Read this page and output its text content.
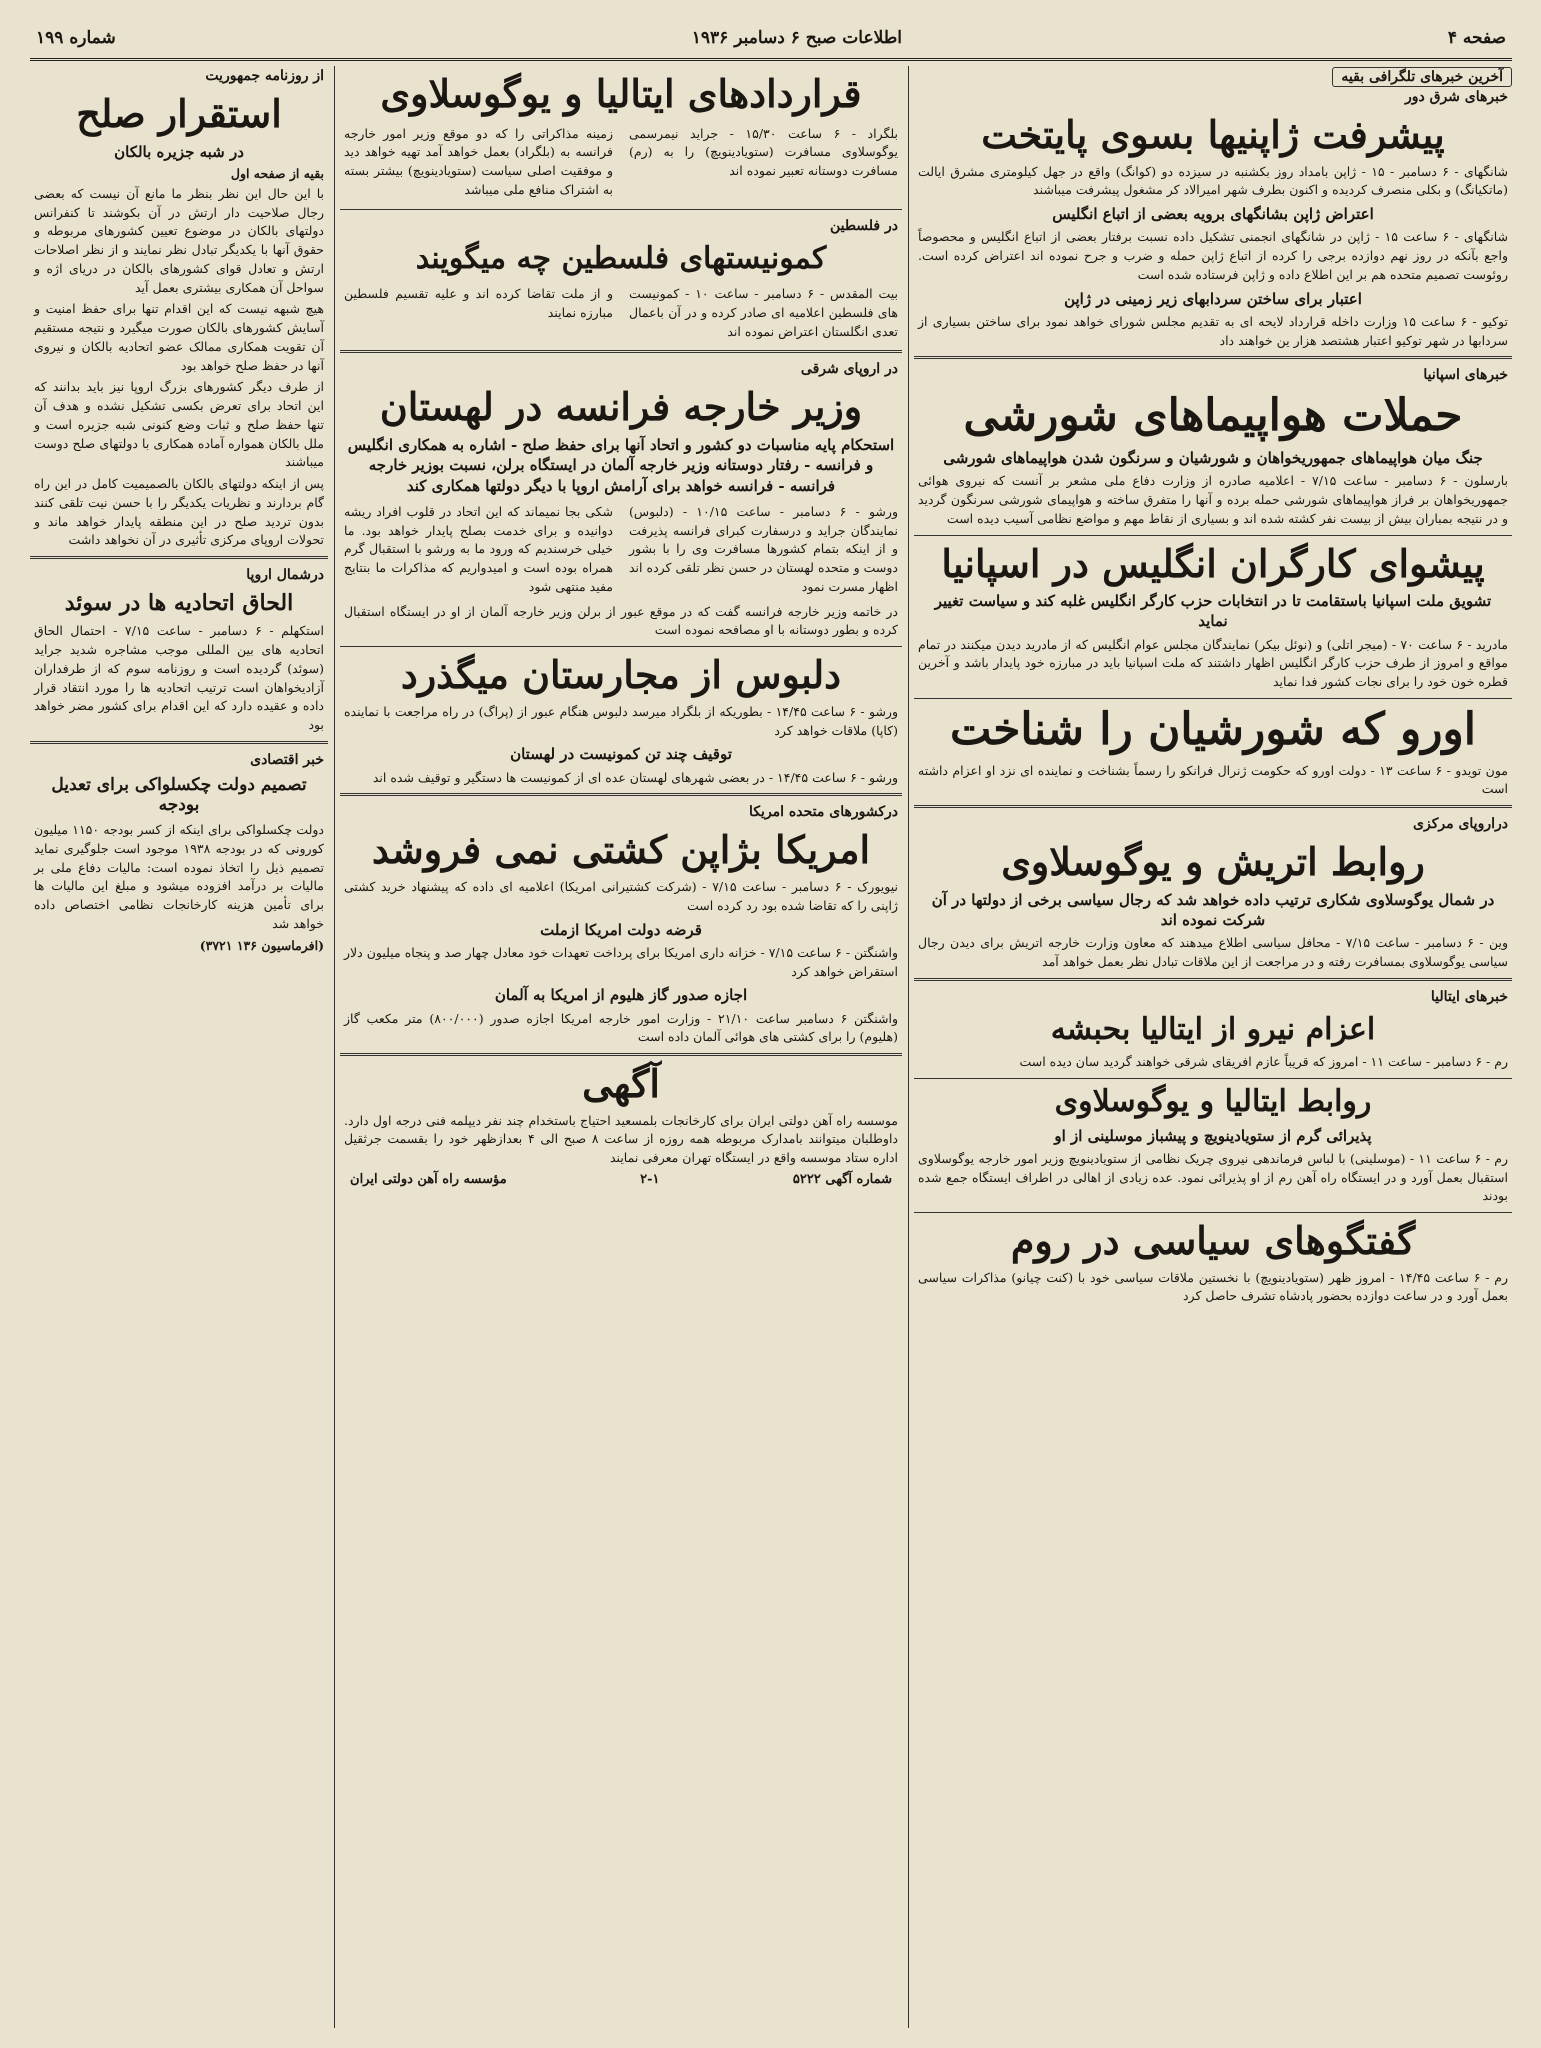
صفحه ۴
اطلاعات صبح ۶ دسامبر ۱۹۳۶
شماره ۱۹۹
آخرین خبرهای تلگرافی بقیه
خبرهای شرق دور
پیشرفت ژاپنیها بسوی پایتخت
شانگهای - ۶ دسامبر - ۱۵ - ژاپن بامداد روز بکشنبه در سیزده دو (کوانگ) واقع در جهل کیلومتری مشرق ایالت (ماتکیانگ) و بکلی منصرف کردیده و اکنون بطرف شهر امیرالاد کر مشغول پیشرفت میباشند
اعتراض ژاپن بشانگهای برویه بعضی از اتباع انگلیس
شانگهای - ۶ ساعت ۱۵ - ژاپن در شانگهای انجمنی تشکیل داده نسبت برفتار بعضی از اتباع انگلیس و محصوصاً واجع بآنکه در روز نهم دوازده برجی را کرده از اتباع ژاپن حمله و ضرب و جرح نموده اند اعتراض کرده است. روئوست تصمیم متحده هم بر این اطلاع داده و ژاپن فرستاده شده است
اعتبار برای ساختن سردابهای زیر زمینی در ژاپن
توکیو - ۶ ساعت ۱۵ وزارت داخله قرارداد لایحه ای به تقدیم مجلس شورای خواهد نمود برای ساختن بسیاری از سردابها در شهر توکیو اعتبار هشتصد هزار ین خواهند داد
خبرهای اسپانیا
حملات هواپیماهای شورشی
جنگ میان هواپیماهای جمهوریخواهان و شورشیان و سرنگون شدن هواپیماهای شورشی
بارسلون - ۶ دسامبر - ساعت ۷/۱۵ - اعلامیه صادره از وزارت دفاع ملی مشعر بر آنست که نیروی هوائی جمهوریخواهان بر فراز هواپیماهای شورشی حمله برده و آنها را متفرق ساخته و هواپیمای شورشی سرنگون گردید و در نتیجه بمباران بیش از بیست نفر کشته شده اند و بسیاری از نقاط مهم و مواضع نظامی آسیب دیده است
پیشوای کارگران انگلیس در اسپانیا
تشویق ملت اسپانیا باستقامت تا در انتخابات حزب کارگر انگلیس غلبه کند و سیاست تغییر نماید
مادرید - ۶ ساعت ۷۰ - (میجر اتلی) و (نوئل بیکر) نمایندگان مجلس عوام انگلیس که از مادرید دیدن میکنند در تمام مواقع و امروز از طرف حزب کارگر انگلیس اظهار داشتند که ملت اسپانیا باید در مبارزه خود پایدار باشد و آخرین قطره خون خود را برای نجات کشور فدا نماید
اورو که شورشیان را شناخت
مون تویدو - ۶ ساعت ۱۳ - دولت اورو که حکومت ژنرال فرانکو را رسماً بشناخت و نماینده ای نزد او اعزام داشته است
دراروپای مرکزی
روابط اتریش و یوگوسلاوی
در شمال یوگوسلاوی شکاری ترتیب داده خواهد شد که رجال سیاسی برخی از دولتها در آن شرکت نموده اند
وین - ۶ دسامبر - ساعت ۷/۱۵ - محافل سیاسی اطلاع میدهند که معاون وزارت خارجه اتریش برای دیدن رجال سیاسی یوگوسلاوی بمسافرت رفته و در مراجعت از این ملاقات تبادل نظر بعمل خواهد آمد
خبرهای ایتالیا
اعزام نیرو از ایتالیا بحبشه
رم - ۶ دسامبر - ساعت ۱۱ - امروز که قریباً عازم افریقای شرقی خواهند گردید سان دیده است
روابط ایتالیا و یوگوسلاوی
پذیرائی گرم از ستویادینویچ و پیشباز موسلینی از او
رم - ۶ ساعت ۱۱ - (موسلینی) با لباس فرماندهی نیروی چریک نظامی از ستویادینویچ وزیر امور خارجه یوگوسلاوی استقبال بعمل آورد و در ایستگاه راه آهن رم از او پذیرائی نمود. عده زیادی از اهالی در اطراف ایستگاه جمع شده بودند
گفتگوهای سیاسی در روم
رم - ۶ ساعت ۱۴/۴۵ - امروز ظهر (ستویادینویچ) با نخستین ملاقات سیاسی خود با (کنت چیانو) مذاکرات سیاسی بعمل آورد و در ساعت دوازده بحضور پادشاه تشرف حاصل کرد
قراردادهای ایتالیا و یوگوسلاوی
بلگراد - ۶ ساعت ۱۵/۳۰ - جراید نیمرسمی یوگوسلاوی مسافرت (ستویادینویچ) را به (رم) مسافرت دوستانه تعبیر نموده اند
زمینه مذاکراتی را که دو موقع وزیر امور خارجه فرانسه به (بلگراد) بعمل خواهد آمد تهیه خواهد دید و موفقیت اصلی سیاست (ستویادینویچ) بیشتر بسته به اشتراک منافع ملی میباشد
در فلسطین
کمونیستهای فلسطین چه میگویند
بیت المقدس - ۶ دسامبر - ساعت ۱۰ - کمونیست های فلسطین اعلامیه ای صادر کرده و در آن باعمال تعدی انگلستان اعتراض نموده اند
و از ملت تقاضا کرده اند و علیه تقسیم فلسطین مبارزه نمایند
در اروپای شرقی
وزیر خارجه فرانسه در لهستان
استحکام پایه مناسبات دو کشور و اتحاد آنها برای حفظ صلح - اشاره به همکاری انگلیس و فرانسه - رفتار دوستانه وزیر خارجه آلمان در ایستگاه برلن، نسبت بوزیر خارجه فرانسه - فرانسه خواهد برای آرامش اروپا با دیگر دولتها همکاری کند
ورشو - ۶ دسامبر - ساعت ۱۰/۱۵ - (دلبوس) نمایندگان جراید و درسفارت کبرای فرانسه پذیرفت و از اینکه بتمام کشورها مسافرت وی را با بشور دوست و متحده لهستان در حسن نظر تلقی کرده اند اظهار مسرت نمود
شکی بجا نمیماند که این اتحاد در قلوب افراد ریشه دوانیده و برای خدمت بصلح پایدار خواهد بود. ما خیلی خرسندیم که ورود ما به ورشو با استقبال گرم همراه بوده است و امیدواریم که مذاکرات ما بنتایج مفید منتهی شود
در خاتمه وزیر خارجه فرانسه گفت که در موقع عبور از برلن وزیر خارجه آلمان از او در ایستگاه استقبال کرده و بطور دوستانه با او مصافحه نموده است
دلبوس از مجارستان میگذرد
ورشو - ۶ ساعت ۱۴/۴۵ - بطوریکه از بلگراد میرسد دلبوس هنگام عبور از (پراگ) در راه مراجعت با نماینده (کاپا) ملاقات خواهد کرد
توقیف چند تن کمونیست در لهستان
ورشو - ۶ ساعت ۱۴/۴۵ - در بعضی شهرهای لهستان عده ای از کمونیست ها دستگیر و توقیف شده اند
درکشورهای متحده امریکا
امریکا بژاپن کشتی نمی فروشد
نیویورک - ۶ دسامبر - ساعت ۷/۱۵ - (شرکت کشتیرانی امریکا) اعلامیه ای داده که پیشنهاد خرید کشتی ژاپنی را که تقاضا شده بود رد کرده است
قرضه دولت امریکا ازملت
واشنگتن - ۶ ساعت ۷/۱۵ - خزانه داری امریکا برای پرداخت تعهدات خود معادل چهار صد و پنجاه میلیون دلار استقراض خواهد کرد
اجازه صدور گاز هلیوم از امریکا به آلمان
واشنگتن ۶ دسامبر ساعت ۲۱/۱۰ - وزارت امور خارجه امریکا اجازه صدور (۸۰۰/۰۰۰) متر مکعب گاز (هلیوم) را برای کشتی های هوائی آلمان داده است
آگهی
موسسه راه آهن دولتی ایران برای کارخانجات بلمسعید احتیاج باستخدام چند نفر دیپلمه فنی درجه اول دارد. داوطلبان میتوانند بامدارک مربوطه همه روزه از ساعت ۸ صبح الی ۴ بعدازظهر خود را بقسمت جرثقیل اداره ستاد موسسه واقع در ایستگاه تهران معرفی نمایند
شماره آگهی ۵۲۲۲
۲-۱
مؤسسه راه آهن دولتی ایران
از روزنامه جمهوریت
استقرار صلح
در شبه جزیره بالکان
بقیه از صفحه اول
با این حال این نظر بنظر ما مانع آن نیست که بعضی رجال صلاحیت دار ارتش در آن بکوشند تا کنفرانس دولتهای بالکان در موضوع تعیین کشورهای مربوطه و حقوق آنها با یکدیگر تبادل نظر نمایند و از نظر اصلاحات ارتش و تعادل قوای کشورهای بالکان در دریای اژه و سواحل آن همکاری بیشتری بعمل آید
هیچ شبهه نیست که این اقدام تنها برای حفظ امنیت و آسایش کشورهای بالکان صورت میگیرد و نتیجه مستقیم آن تقویت همکاری ممالک عضو اتحادیه بالکان و نیروی آنها در حفظ صلح خواهد بود
از طرف دیگر کشورهای بزرگ اروپا نیز باید بدانند که این اتحاد برای تعرض بکسی تشکیل نشده و هدف آن تنها حفظ صلح و ثبات وضع کنونی شبه جزیره است و ملل بالکان همواره آماده همکاری با دولتهای صلح دوست میباشند
پس از اینکه دولتهای بالکان بالصمیمیت کامل در این راه گام بردارند و نظریات یکدیگر را با حسن نیت تلقی کنند بدون تردید صلح در این منطقه پایدار خواهد ماند و تحولات اروپای مرکزی تأثیری در آن نخواهد داشت
درشمال اروپا
الحاق اتحادیه ها در سوئد
استکهلم - ۶ دسامبر - ساعت ۷/۱۵ - احتمال الحاق اتحادیه های بین المللی موجب مشاجره شدید جراید (سوئد) گردیده است و روزنامه سوم که از طرفداران آزادیخواهان است ترتیب اتحادیه ها را مورد انتقاد قرار داده و عقیده دارد که این اقدام برای کشور مضر خواهد بود
خبر اقتصادی
تصمیم دولت چکسلواکی برای تعدیل بودجه
دولت چکسلواکی برای اینکه از کسر بودجه ۱۱۵۰ میلیون کورونی که در بودجه ۱۹۳۸ موجود است جلوگیری نماید تصمیم ذیل را اتخاذ نموده است: مالیات دفاع ملی بر مالیات بر درآمد افزوده میشود و مبلغ این مالیات ها برای تأمین هزینه کارخانجات نظامی اختصاص داده خواهد شد
(افرماسیون ۱۳۶ ۳۷۲۱)
